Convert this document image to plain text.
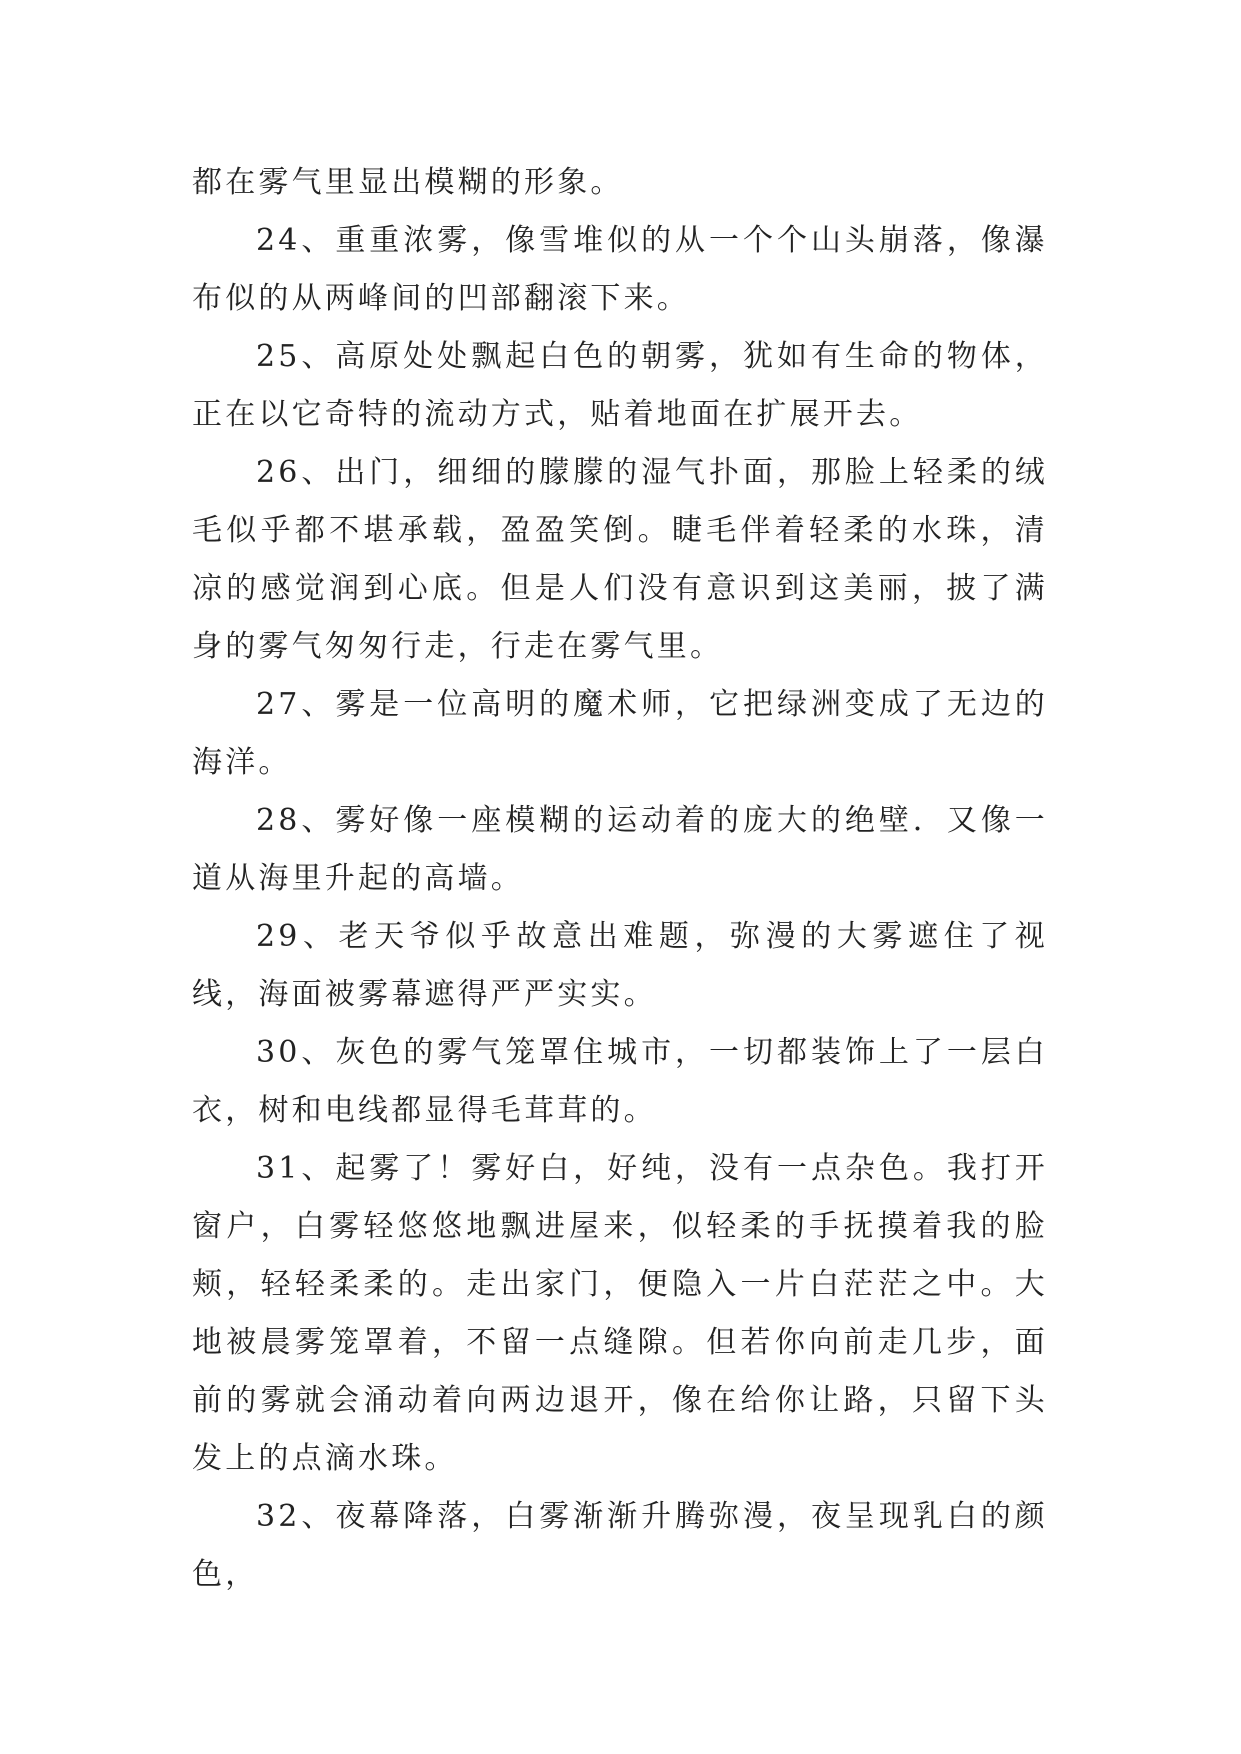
都在雾气里显出模糊的形象。

24、重重浓雾，像雪堆似的从一个个山头崩落，像瀑布似的从两峰间的凹部翻滚下来。

25、高原处处飘起白色的朝雾，犹如有生命的物体，正在以它奇特的流动方式，贴着地面在扩展开去。

26、出门，细细的朦朦的湿气扑面，那脸上轻柔的绒毛似乎都不堪承载，盈盈笑倒。睫毛伴着轻柔的水珠，清凉的感觉润到心底。但是人们没有意识到这美丽，披了满身的雾气匆匆行走，行走在雾气里。

27、雾是一位高明的魔术师，它把绿洲变成了无边的海洋。

28、雾好像一座模糊的运动着的庞大的绝壁．又像一道从海里升起的高墙。

29、老天爷似乎故意出难题，弥漫的大雾遮住了视线，海面被雾幕遮得严严实实。

30、灰色的雾气笼罩住城市，一切都装饰上了一层白衣，树和电线都显得毛茸茸的。

31、起雾了！雾好白，好纯，没有一点杂色。我打开窗户，白雾轻悠悠地飘进屋来，似轻柔的手抚摸着我的脸颊，轻轻柔柔的。走出家门，便隐入一片白茫茫之中。大地被晨雾笼罩着，不留一点缝隙。但若你向前走几步，面前的雾就会涌动着向两边退开，像在给你让路，只留下头发上的点滴水珠。

32、夜幕降落，白雾渐渐升腾弥漫，夜呈现乳白的颜色，
